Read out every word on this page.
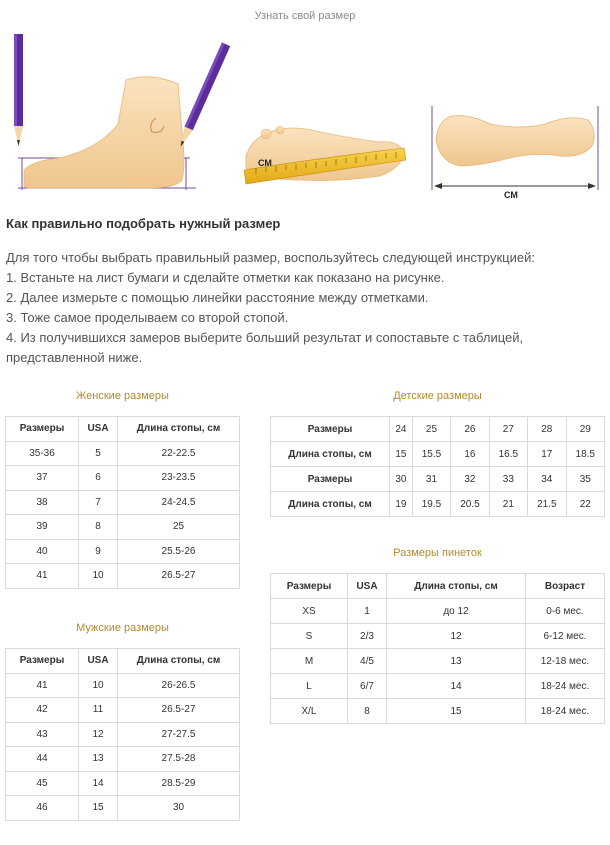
Узнать свой размер
СМ
СМ
Как правильно подобрать нужный размер
Для того чтобы выбрать правильный размер, воспользуйтесь следующей инструкцией:
1. Встаньте на лист бумаги и сделайте отметки как показано на рисунке.
2. Далее измерьте с помощью линейки расстояние между отметками.
3. Тоже самое проделываем со второй стопой.
4. Из получившихся замеров выберите больший результат и сопоставьте с таблицей,
представленной ниже.
Женские размеры
Размеры	USA	Длина стопы, см
35-36	5	22-22.5
37	6	23-23.5
38	7	24-24.5
39	8	25
40	9	25.5-26
41	10	26.5-27
Мужские размеры
Размеры	USA	Длина стопы, см
41	10	26-26.5
42	11	26.5-27
43	12	27-27.5
44	13	27.5-28
45	14	28.5-29
46	15	30
Детские размеры
Размеры	24	25	26	27	28	29
Длина стопы, см	15	15.5	16	16.5	17	18.5
Размеры	30	31	32	33	34	35
Длина стопы, см	19	19.5	20.5	21	21.5	22
Размеры пинеток
Размеры	USA	Длина стопы, см	Возраст
XS	1	до 12	0-6 мес.
S	2/3	12	6-12 мес.
M	4/5	13	12-18 мес.
L	6/7	14	18-24 мес.
X/L	8	15	18-24 мес.
